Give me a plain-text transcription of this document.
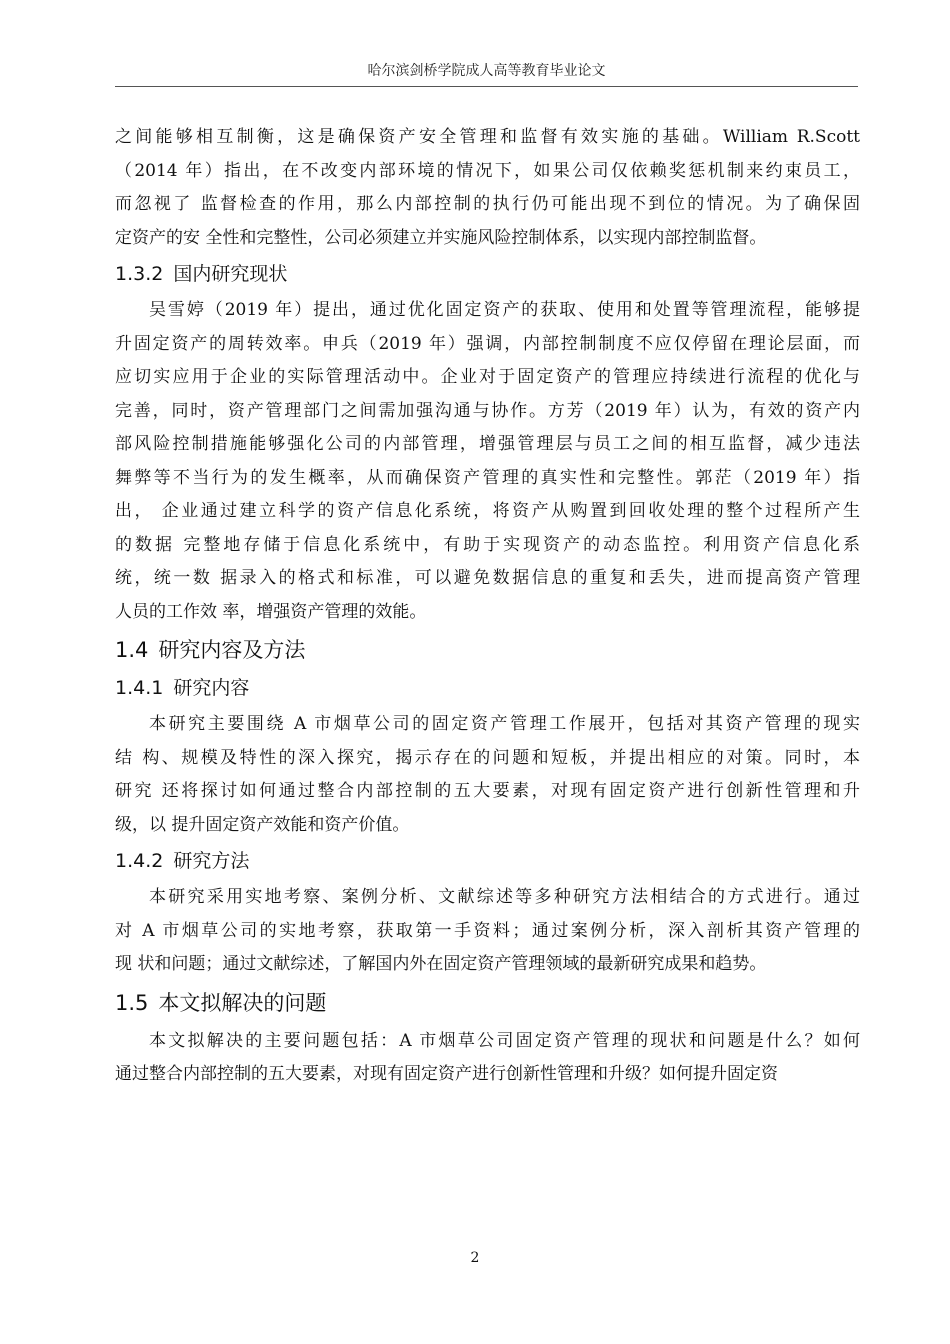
哈尔滨剑桥学院成人高等教育毕业论文
之间能够相互制衡，这是确保资产安全管理和监督有效实施的基础。William R.Scott
（2014 年）指出，在不改变内部环境的情况下，如果公司仅依赖奖惩机制来约束员工，
而忽视了 监督检查的作用，那么内部控制的执行仍可能出现不到位的情况。为了确保固
定资产的安 全性和完整性，公司必须建立并实施风险控制体系，以实现内部控制监督。
1.3.2 国内研究现状
吴雪婷（2019 年）提出，通过优化固定资产的获取、使用和处置等管理流程，能够提
升固定资产的周转效率。申兵（2019 年）强调，内部控制制度不应仅停留在理论层面，而
应切实应用于企业的实际管理活动中。企业对于固定资产的管理应持续进行流程的优化与
完善，同时，资产管理部门之间需加强沟通与协作。方芳（2019 年）认为，有效的资产内
部风险控制措施能够强化公司的内部管理，增强管理层与员工之间的相互监督，减少违法
舞弊等不当行为的发生概率，从而确保资产管理的真实性和完整性。郭茫（2019 年）指
出， 企业通过建立科学的资产信息化系统，将资产从购置到回收处理的整个过程所产生
的数据 完整地存储于信息化系统中，有助于实现资产的动态监控。利用资产信息化系
统，统一数 据录入的格式和标准，可以避免数据信息的重复和丢失，进而提高资产管理
人员的工作效 率，增强资产管理的效能。
1.4 研究内容及方法
1.4.1 研究内容
本研究主要围绕 A 市烟草公司的固定资产管理工作展开，包括对其资产管理的现实
结 构、规模及特性的深入探究，揭示存在的问题和短板，并提出相应的对策。同时，本
研究 还将探讨如何通过整合内部控制的五大要素，对现有固定资产进行创新性管理和升
级，以 提升固定资产效能和资产价值。
1.4.2 研究方法
本研究采用实地考察、案例分析、文献综述等多种研究方法相结合的方式进行。通过
对 A 市烟草公司的实地考察，获取第一手资料；通过案例分析，深入剖析其资产管理的
现 状和问题；通过文献综述，了解国内外在固定资产管理领域的最新研究成果和趋势。
1.5 本文拟解决的问题
本文拟解决的主要问题包括：A 市烟草公司固定资产管理的现状和问题是什么？如何
通过整合内部控制的五大要素，对现有固定资产进行创新性管理和升级？如何提升固定资
2
